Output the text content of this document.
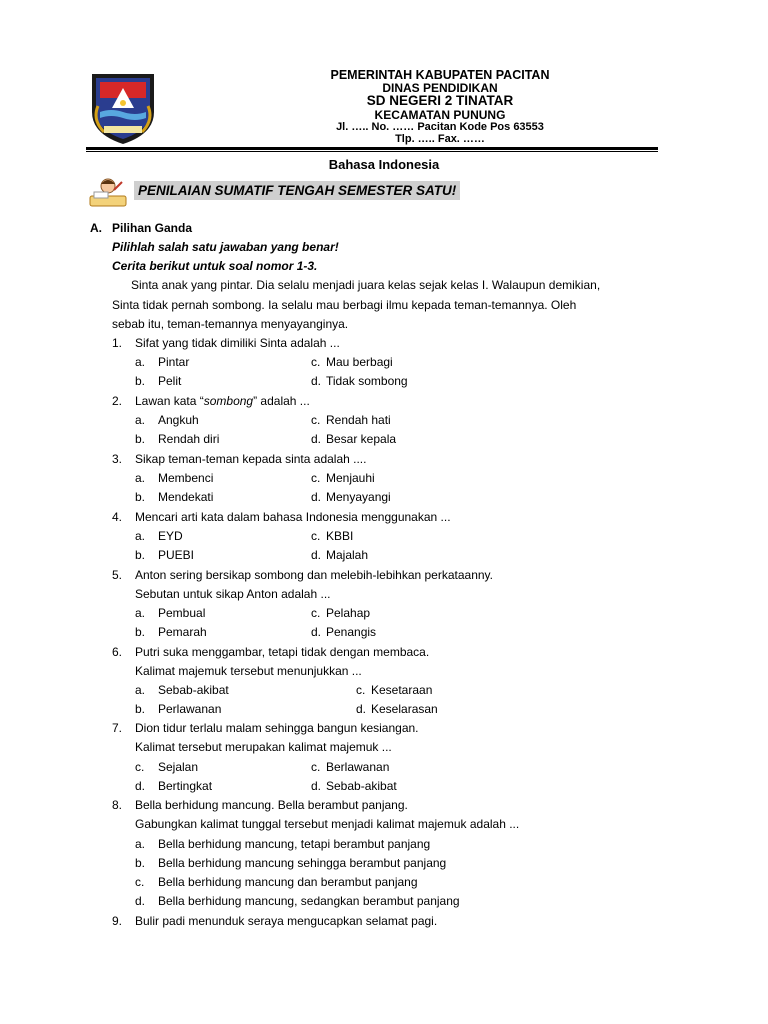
PEMERINTAH KABUPATEN PACITAN
DINAS PENDIDIKAN
SD NEGERI 2 TINATAR
KECAMATAN PUNUNG
Jl. ….. No. …… Pacitan Kode Pos 63553
Tlp. ….. Fax. ……
Bahasa Indonesia
PENILAIAN SUMATIF TENGAH SEMESTER SATU!
A. Pilihan Ganda
Pilihlah salah satu jawaban yang benar!
Cerita berikut untuk soal nomor 1-3.
Sinta anak yang pintar. Dia selalu menjadi juara kelas sejak kelas I. Walaupun demikian,
Sinta tidak pernah sombong. Ia selalu mau berbagi ilmu kepada teman-temannya. Oleh
sebab itu, teman-temannya menyayanginya.
1. Sifat yang tidak dimiliki Sinta adalah ...
a. Pintar	c. Mau berbagi
b. Pelit	d. Tidak sombong
2. Lawan kata “sombong” adalah ...
a. Angkuh	c. Rendah hati
b. Rendah diri	d. Besar kepala
3. Sikap teman-teman kepada sinta adalah ....
a. Membenci	c. Menjauhi
b. Mendekati	d. Menyayangi
4. Mencari arti kata dalam bahasa Indonesia menggunakan ...
a. EYD	c. KBBI
b. PUEBI	d. Majalah
5. Anton sering bersikap sombong dan melebih-lebihkan perkataanny.
Sebutan untuk sikap Anton adalah ...
a. Pembual	c. Pelahap
b. Pemarah	d. Penangis
6. Putri suka menggambar, tetapi tidak dengan membaca.
Kalimat majemuk tersebut menunjukkan ...
a. Sebab-akibat	c. Kesetaraan
b. Perlawanan	d. Keselarasan
7. Dion tidur terlalu malam sehingga bangun kesiangan.
Kalimat tersebut merupakan kalimat majemuk ...
c. Sejalan	c. Berlawanan
d. Bertingkat	d. Sebab-akibat
8. Bella berhidung mancung. Bella berambut panjang.
Gabungkan kalimat tunggal tersebut menjadi kalimat majemuk adalah ...
a. Bella berhidung mancung, tetapi berambut panjang
b. Bella berhidung mancung sehingga berambut panjang
c. Bella berhidung mancung dan berambut panjang
d. Bella berhidung mancung, sedangkan berambut panjang
9. Bulir padi menunduk seraya mengucapkan selamat pagi.
